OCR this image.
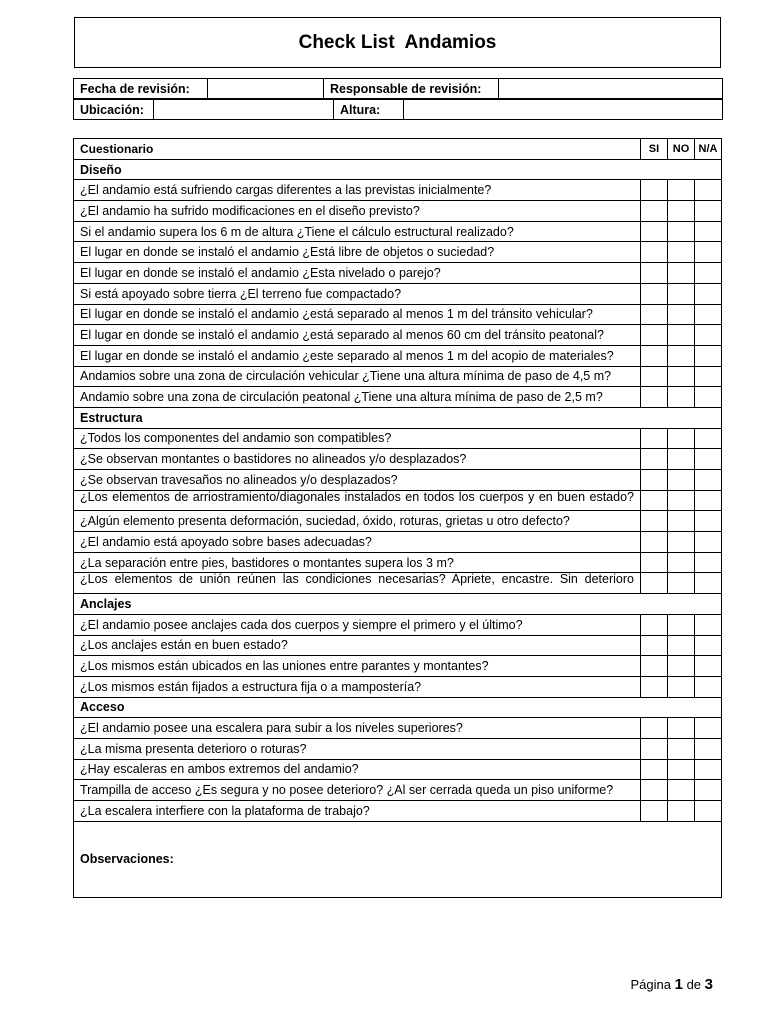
Check List  Andamios
Fecha de revisión:		Responsable de revisión:	
Ubicación:		Altura:	
Cuestionario	SI	NO	N/A
Diseño			
¿El andamio está sufriendo cargas diferentes a las previstas inicialmente?			
¿El andamio ha sufrido modificaciones en el diseño previsto?			
Si el andamio supera los 6 m de altura ¿Tiene el cálculo estructural realizado?			
El lugar en donde se instaló el andamio ¿Está libre de objetos o suciedad?			
El lugar en donde se instaló el andamio ¿Esta nivelado o parejo?			
Si está apoyado sobre tierra ¿El terreno fue compactado?			
El lugar en donde se instaló el andamio ¿está separado al menos 1 m del tránsito vehicular?			
El lugar en donde se instaló el andamio ¿está separado al menos 60 cm del tránsito peatonal?			
El lugar en donde se instaló el andamio ¿este separado al menos 1 m del acopio de materiales?			
Andamios sobre una zona de circulación vehicular ¿Tiene una altura mínima de paso de 4,5 m?			
Andamio sobre una zona de circulación peatonal ¿Tiene una altura mínima de paso de 2,5 m?			
Estructura			
¿Todos los componentes del andamio son compatibles?			
¿Se observan montantes o bastidores no alineados y/o desplazados?			
¿Se observan travesaños no alineados y/o desplazados?			

¿Los elementos de arriostramiento/diagonales instalados en todos los cuerpos y en buen estado?			

¿Algún elemento presenta deformación, suciedad, óxido, roturas, grietas u otro defecto?			
¿El andamio está apoyado sobre bases adecuadas?			
¿La separación entre pies, bastidores o montantes supera los 3 m?			

¿Los elementos de unión reúnen las condiciones necesarias? Apriete, encastre. Sin deterioro			

Anclajes			
¿El andamio posee anclajes cada dos cuerpos y siempre el primero y el último?			
¿Los anclajes están en buen estado?			
¿Los mismos están ubicados en las uniones entre parantes y montantes?			
¿Los mismos están fijados a estructura fija o a mampostería?			
Acceso			
¿El andamio posee una escalera para subir a los niveles superiores?			
¿La misma presenta deterioro o roturas?			
¿Hay escaleras en ambos extremos del andamio?			
Trampilla de acceso ¿Es segura y no posee deterioro? ¿Al ser cerrada queda un piso uniforme?			
¿La escalera interfiere con la plataforma de trabajo?			
Observaciones:			
Página 1 de 3
